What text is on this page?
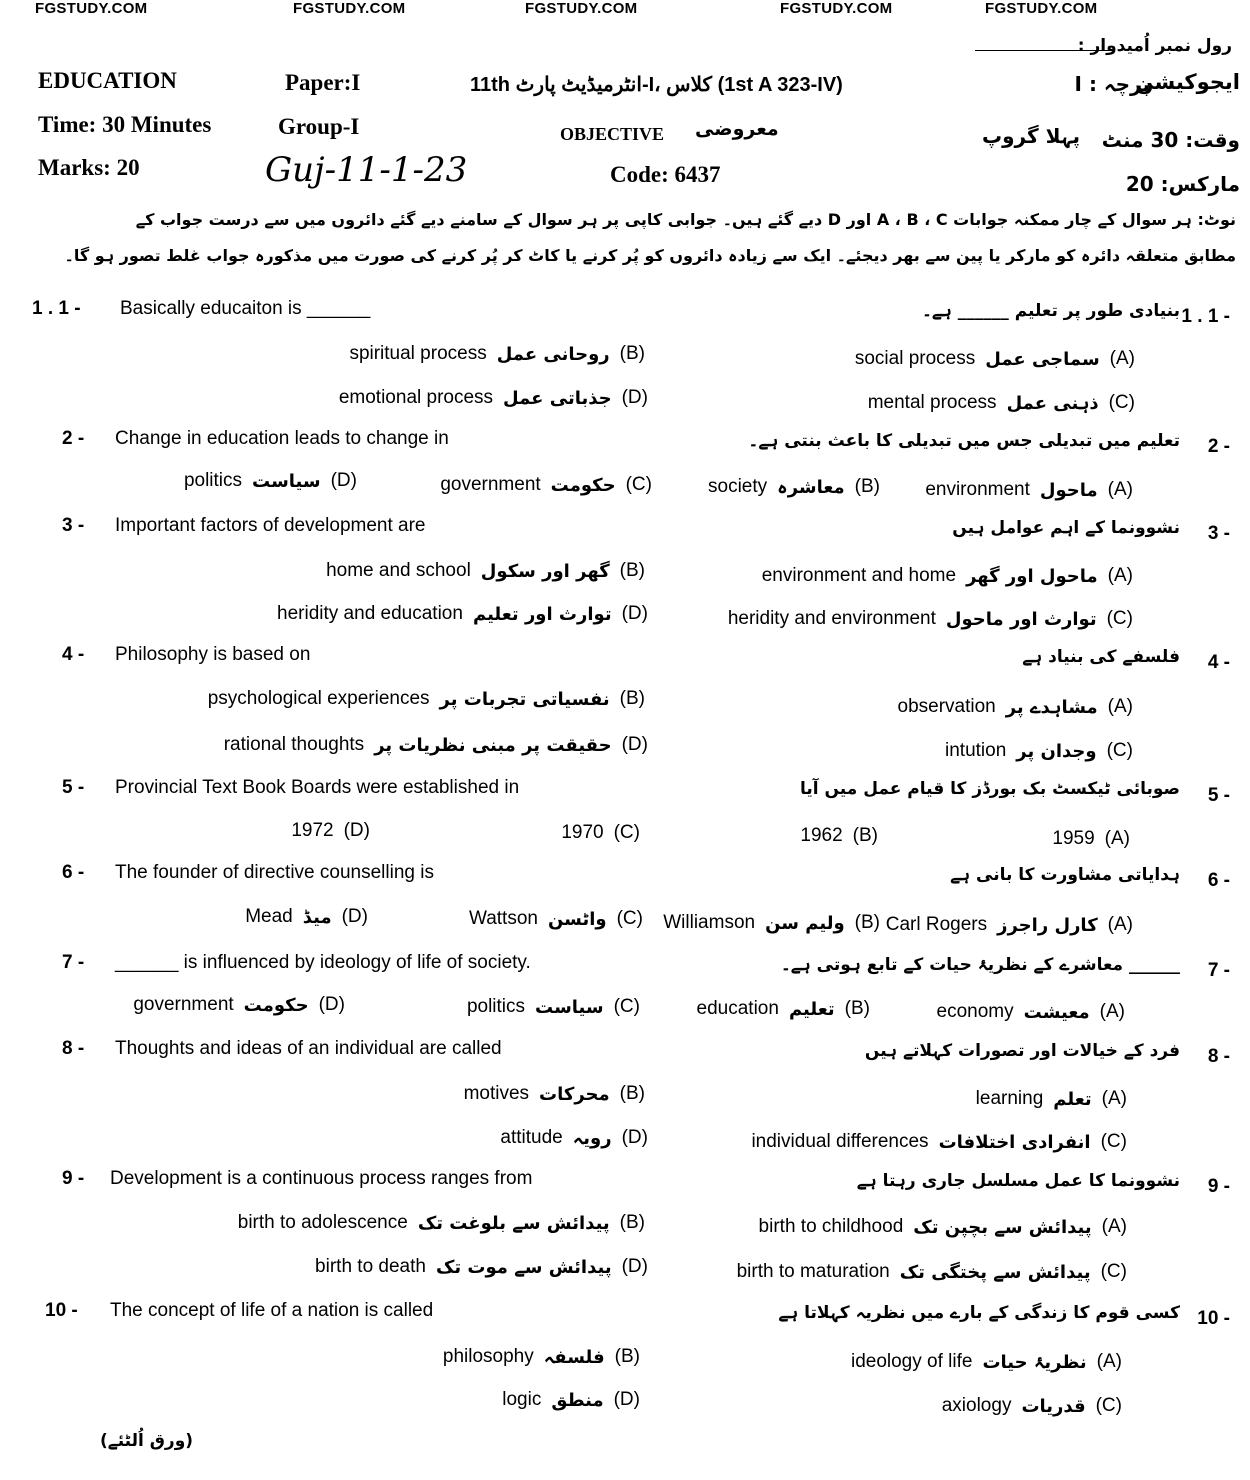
FGSTUDY.COM	FGSTUDY.COM	FGSTUDY.COM	FGSTUDY.COM	FGSTUDY.COM
رول نمبر اُمیدوار :
EDUCATION	Paper:I	11th انٹرمیڈیٹ پارٹ-I، کلاس (1st A 323-IV)	پرچہ : I
ایجوکیشن
Time: 30 Minutes	Group-I	OBJECTIVE معروضی	پہلا گروپ وقت: 30 منٹ
Marks: 20	Guj-11-1-23	Code: 6437	مارکس: 20
نوٹ: ہر سوال کے چار ممکنہ جوابات A ، B ، C اور D دیے گئے ہیں۔ جوابی کاپی پر ہر سوال کے سامنے دیے گئے دائروں میں سے درست جواب کے
مطابق متعلقہ دائرہ کو مارکر یا پین سے بھر دیجئے۔ ایک سے زیادہ دائروں کو پُر کرنے یا کاٹ کر پُر کرنے کی صورت میں مذکورہ جواب غلط تصور ہو گا۔
1 . 1 - Basically educaiton is ______	بنیادی طور پر تعلیم ______ ہے۔ 1 . 1 -
spiritual process روحانی عمل (B)	social process سماجی عمل (A)
emotional process جذباتی عمل (D)	mental process ذہنی عمل (C)
2 - Change in education leads to change in	تعلیم میں تبدیلی جس میں تبدیلی کا باعث بنتی ہے۔ 2 -
politics سیاست (D)	government حکومت (C)	society معاشرہ (B) environment ماحول (A)
3 - Important factors of development are	نشوونما کے اہم عوامل ہیں 3 -
home and school گھر اور سکول (B)	environment and home ماحول اور گھر (A)
heridity and education توارث اور تعلیم (D)	heridity and environment توارث اور ماحول (C)
4 - Philosophy is based on	فلسفے کی بنیاد ہے 4 -
psychological experiences نفسیاتی تجربات پر (B)	observation مشاہدے پر (A)
rational thoughts حقیقت پر مبنی نظریات پر (D)	intution وجدان پر (C)
5 - Provincial Text Book Boards were established in	صوبائی ٹیکسٹ بک بورڈز کا قیام عمل میں آیا 5 -
1972 (D)	1970 (C)	1962 (B)	1959 (A)
6 - The founder of directive counselling is	ہدایاتی مشاورت کا بانی ہے 6 -
Mead میڈ (D)	Wattson واٹسن (C) Williamson ولیم سن (B) Carl Rogers کارل راجرز (A)
7 - ______ is influenced by ideology of life of society.	______ معاشرے کے نظریۂ حیات کے تابع ہوتی ہے۔ 7 -
government حکومت (D)	politics سیاست (C)	education تعلیم (B)	economy معیشت (A)
8 - Thoughts and ideas of an individual are called	فرد کے خیالات اور تصورات کہلاتے ہیں 8 -
motives محرکات (B)	learning تعلم (A)
attitude رویہ (D)	individual differences انفرادی اختلافات (C)
9 - Development is a continuous process ranges from	نشوونما کا عمل مسلسل جاری رہتا ہے 9 -
birth to adolescence پیدائش سے بلوغت تک (B)	birth to childhood پیدائش سے بچپن تک (A)
birth to death پیدائش سے موت تک (D)	birth to maturation پیدائش سے پختگی تک (C)
10 - The concept of life of a nation is called	کسی قوم کا زندگی کے بارے میں نظریہ کہلاتا ہے 10 -
philosophy فلسفہ (B)	ideology of life نظریۂ حیات (A)
logic منطق (D)	axiology قدریات (C)
(ورق اُلٹئے)
